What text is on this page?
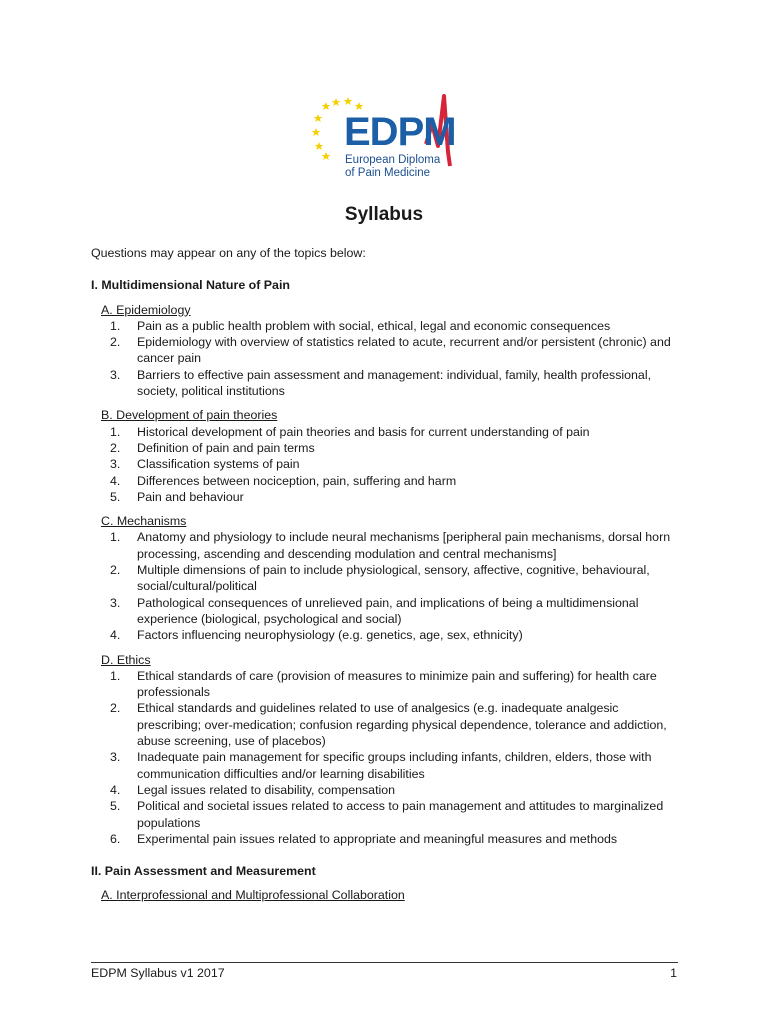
EDPM
European Diploma
of Pain Medicine
Syllabus
Questions may appear on any of the topics below:
I. Multidimensional Nature of Pain
A. Epidemiology
1.	Pain as a public health problem with social, ethical, legal and economic consequences
2.	Epidemiology with overview of statistics related to acute, recurrent and/or persistent (chronic) and cancer pain
3.	Barriers to effective pain assessment and management: individual, family, health professional, society, political institutions
B. Development of pain theories
1.	Historical development of pain theories and basis for current understanding of pain
2.	Definition of pain and pain terms
3.	Classification systems of pain
4.	Differences between nociception, pain, suffering and harm
5.	Pain and behaviour
C. Mechanisms
1.	Anatomy and physiology to include neural mechanisms [peripheral pain mechanisms, dorsal horn processing, ascending and descending modulation and central mechanisms]
2.	Multiple dimensions of pain to include physiological, sensory, affective, cognitive, behavioural, social/cultural/political
3.	Pathological consequences of unrelieved pain, and implications of being a multidimensional experience (biological, psychological and social)
4.	Factors influencing neurophysiology (e.g. genetics, age, sex, ethnicity)
D. Ethics
1.	Ethical standards of care (provision of measures to minimize pain and suffering) for health care professionals
2.	Ethical standards and guidelines related to use of analgesics (e.g. inadequate analgesic prescribing; over-medication; confusion regarding physical dependence, tolerance and addiction, abuse screening, use of placebos)
3.	Inadequate pain management for specific groups including infants, children, elders, those with communication difficulties and/or learning disabilities
4.	Legal issues related to disability, compensation
5.	Political and societal issues related to access to pain management and attitudes to marginalized populations
6.	Experimental pain issues related to appropriate and meaningful measures and methods
II. Pain Assessment and Measurement
A. Interprofessional and Multiprofessional Collaboration
EDPM Syllabus v1 2017	1
